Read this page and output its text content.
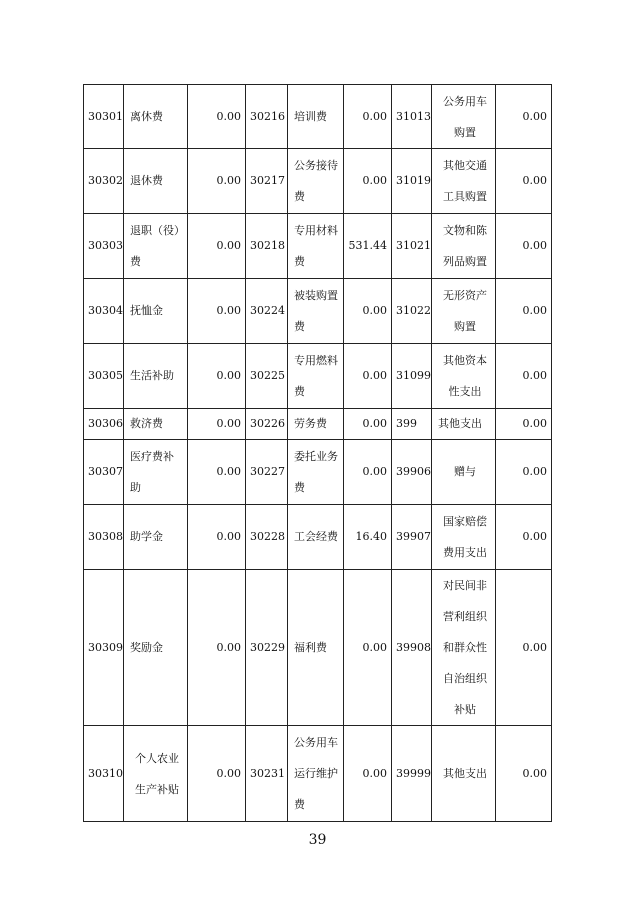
30301	离休费	0.00	30216	培训费	0.00	31013	公务用车购置	0.00
30302	退休费	0.00	30217	公务接待费	0.00	31019	其他交通工具购置	0.00
30303	退职（役）费	0.00	30218	专用材料费	531.44	31021	文物和陈列品购置	0.00
30304	抚恤金	0.00	30224	被装购置费	0.00	31022	无形资产购置	0.00
30305	生活补助	0.00	30225	专用燃料费	0.00	31099	其他资本性支出	0.00
30306	救济费	0.00	30226	劳务费	0.00	399	其他支出	0.00
30307	医疗费补助	0.00	30227	委托业务费	0.00	39906	赠与	0.00
30308	助学金	0.00	30228	工会经费	16.40	39907	国家赔偿费用支出	0.00
30309	奖励金	0.00	30229	福利费	0.00	39908	对民间非营利组织和群众性自治组织补贴	0.00
30310	个人农业生产补贴	0.00	30231	公务用车运行维护费	0.00	39999	其他支出	0.00
39
